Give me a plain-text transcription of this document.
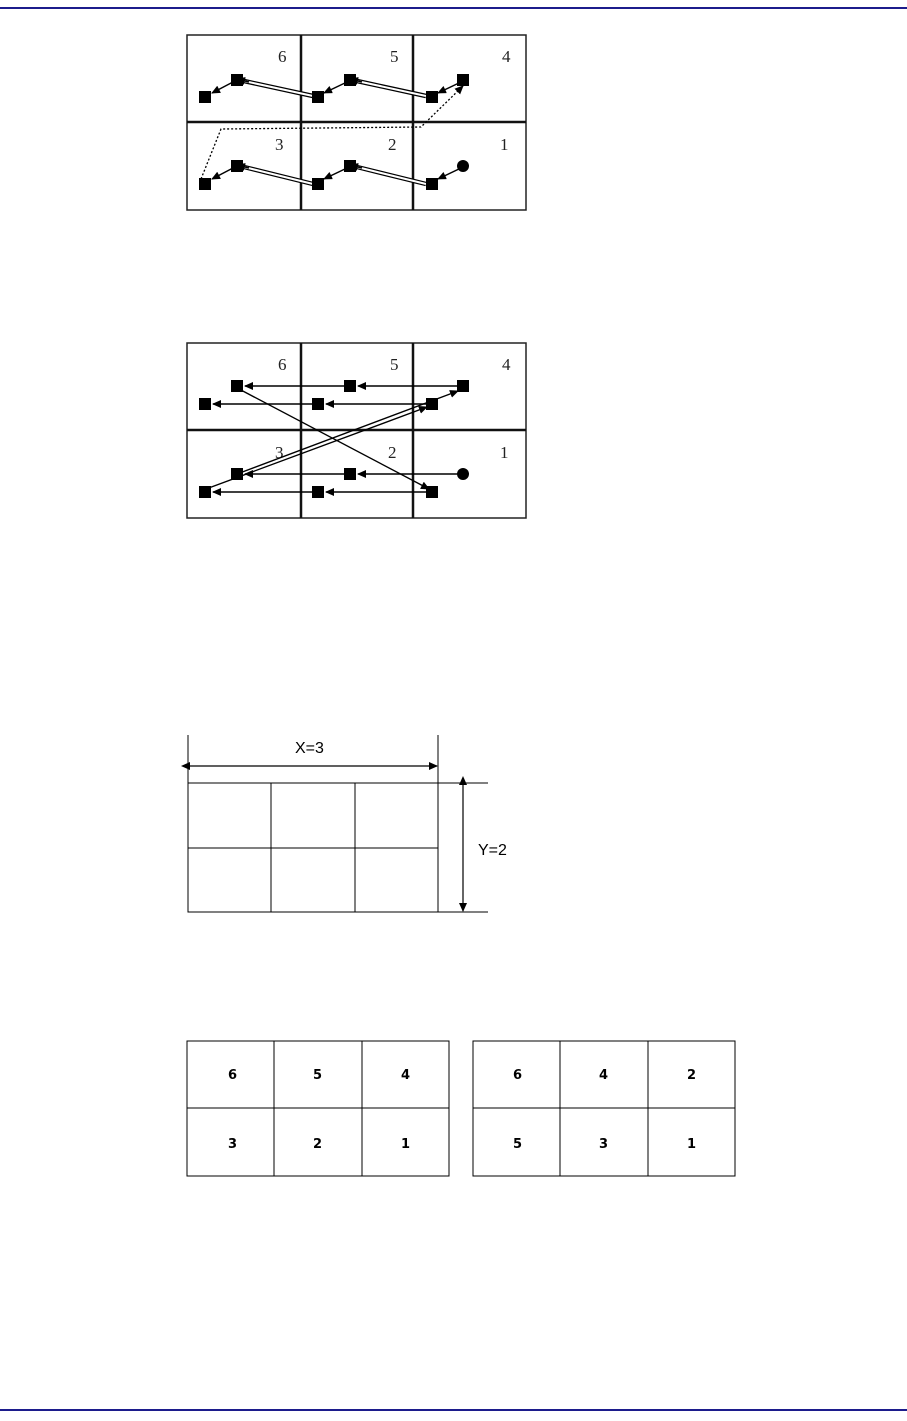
6	5	4
3	2	1
6	5	4
3	2	1
X=3
Y=2
6	5	4
3	2	1
6	4	2
5	3	1
